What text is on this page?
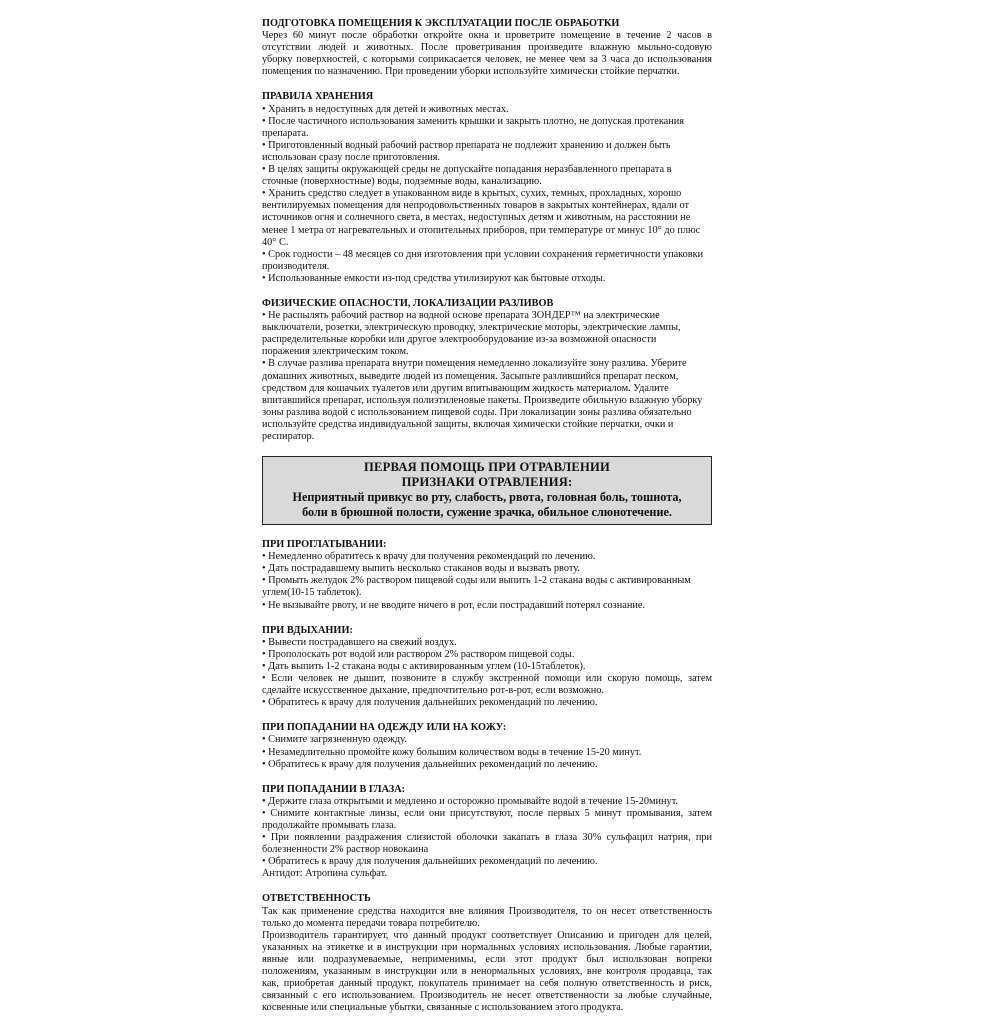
ПОДГОТОВКА ПОМЕЩЕНИЯ К ЭКСПЛУАТАЦИИ ПОСЛЕ ОБРАБОТКИ
Через 60 минут после обработки откройте окна и проветрите помещение в течение 2 часов в
отсутствии людей и животных. После проветривания произведите влажную мыльно-содовую
уборку поверхностей, с которыми соприкасается человек, не менее чем за 3 часа до использования
помещения по назначению. При проведении уборки используйте химически стойкие перчатки.
ПРАВИЛА ХРАНЕНИЯ
• Хранить в недоступных для детей и животных местах.
• После частичного использования заменить крышки и закрыть плотно, не допуская протекания
препарата.
• Приготовленный водный рабочий раствор препарата не подлежит хранению и должен быть
использован сразу после приготовления.
• В целях защиты окружающей среды не допускайте попадания неразбавленного препарата в
сточные (поверхностные) воды, подземные воды, канализацию.
• Хранить средство следует в упакованном виде в крытых, сухих, темных, прохладных, хорошо
вентилируемых помещения для непродовольственных товаров в закрытых контейнерах, вдали от
источников огня и солнечного света, в местах, недоступных детям и животным, на расстоянии не
менее 1 метра от нагревательных и отопительных приборов, при температуре от минус 10° до плюс
40° С.
• Срок годности – 48 месяцев со дня изготовления при условии сохранения герметичности упаковки
производителя.
• Использованные емкости из-под средства утилизируют как бытовые отходы.
ФИЗИЧЕСКИЕ ОПАСНОСТИ, ЛОКАЛИЗАЦИИ РАЗЛИВОВ
• Не распылять рабочий раствор на водной основе препарата ЗОНДЕР™ на электрические
выключатели, розетки, электрическую проводку, электрические моторы, электрические лампы,
распределительные коробки или другое электрооборудование из-за возможной опасности
поражения электрическим током.
• В случае разлива препарата внутри помещения немедленно локализуйте зону разлива. Уберите
домашних животных, выведите людей из помещения. Засыпьте разлившийся препарат песком,
средством для кошачьих туалетов или другим впитывающим жидкость материалом. Удалите
впитавшийся препарат, используя полиэтиленовые пакеты. Произведите обильную влажную уборку
зоны разлива водой с использованием пищевой соды. При локализации зоны разлива обязательно
используйте средства индивидуальной защиты, включая химически стойкие перчатки, очки и
респиратор.
ПЕРВАЯ ПОМОЩЬ ПРИ ОТРАВЛЕНИИ
ПРИЗНАКИ ОТРАВЛЕНИЯ:
Неприятный привкус во рту, слабость, рвота, головная боль, тошнота,
боли в брюшной полости, сужение зрачка, обильное слюнотечение.
ПРИ ПРОГЛАТЫВАНИИ:
• Немедленно обратитесь к врачу для получения рекомендаций по лечению.
• Дать пострадавшему выпить несколько стаканов воды и вызвать рвоту.
• Промыть желудок 2% раствором пищевой соды или выпить 1-2 стакана воды с активированным
углем(10-15 таблеток).
• Не вызывайте рвоту, и не вводите ничего в рот, если пострадавший потерял сознание.
ПРИ ВДЫХАНИИ:
• Вывести пострадавшего на свежий воздух.
• Прополоскать рот водой или раствором 2% раствором пищевой соды.
• Дать выпить 1-2 стакана воды с активированным углем (10-15таблеток).
• Если человек не дышит, позвоните в службу экстренной помощи или скорую помощь, затем
сделайте искусственное дыхание, предпочтительно рот-в-рот, если возможно.
• Обратитесь к врачу для получения дальнейших рекомендаций по лечению.
ПРИ ПОПАДАНИИ НА ОДЕЖДУ ИЛИ НА КОЖУ:
• Снимите загрязненную одежду.
• Незамедлительно промойте кожу большим количеством воды в течение 15-20 минут.
• Обратитесь к врачу для получения дальнейших рекомендаций по лечению.
ПРИ ПОПАДАНИИ В ГЛАЗА:
• Держите глаза открытыми и медленно и осторожно промывайте водой в течение 15-20минут.
• Снимите контактные линзы, если они присутствуют, после первых 5 минут промывания, затем
продолжайте промывать глаза.
• При появлении раздражения слизистой оболочки закапать в глаза 30% сульфацил натрия, при
болезненности 2% раствор новокаина
• Обратитесь к врачу для получения дальнейших рекомендаций по лечению.
Антидот: Атропина сульфат.
ОТВЕТСТВЕННОСТЬ
Так как применение средства находится вне влияния Производителя, то он несет ответственность
только до момента передачи товара потребителю.
Производитель гарантирует, что данный продукт соответствует Описанию и пригоден для целей,
указанных на этикетке и в инструкции при нормальных условиях использования. Любые гарантии,
явные или подразумеваемые, неприменимы, если этот продукт был использован вопреки
положениям, указанным в инструкции или в ненормальных условиях, вне контроля продавца, так
как, приобретая данный продукт, покупатель принимает на себя полную ответственность и риск,
связанный с его использованием. Производитель не несет ответственности за любые случайные,
косвенные или специальные убытки, связанные с использованием этого продукта.
